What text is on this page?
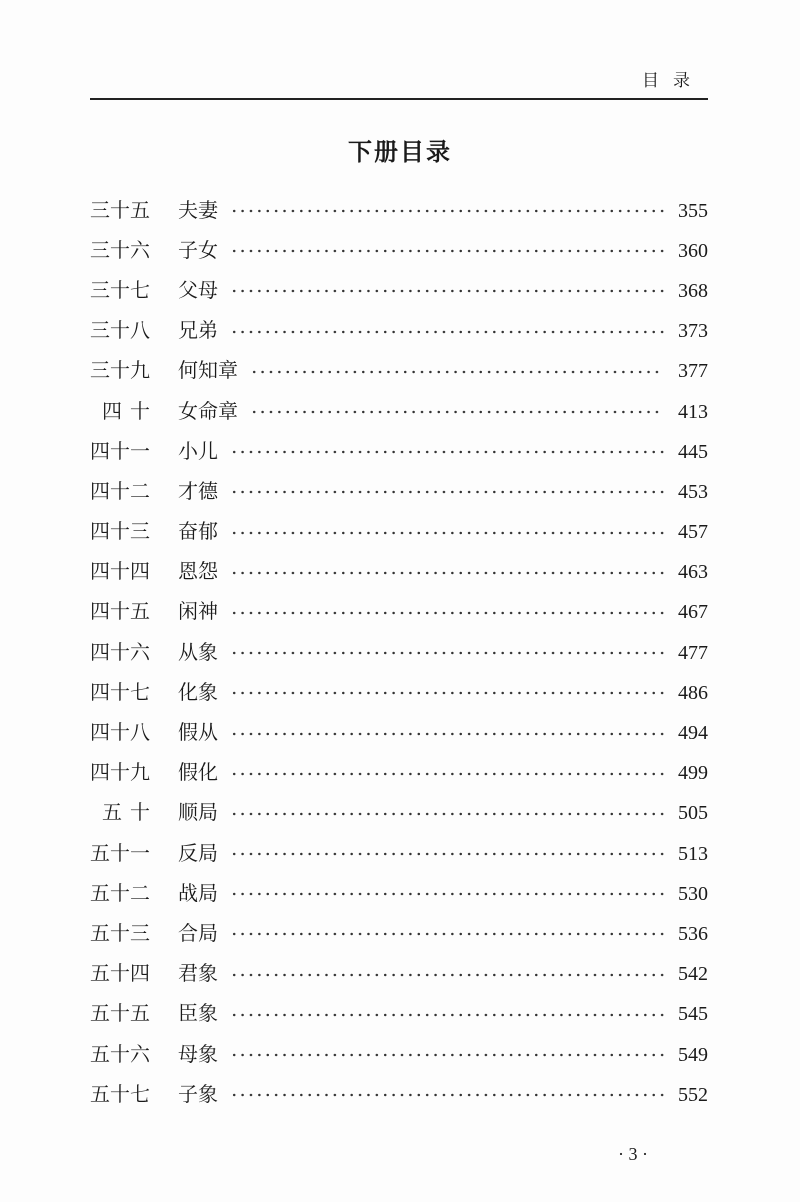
目录
下册目录
三十五 夫妻	355
三十六 子女	360
三十七 父母	368
三十八 兄弟	373
三十九 何知章	377
四十 女命章	413
四十一 小儿	445
四十二 才德	453
四十三 奋郁	457
四十四 恩怨	463
四十五 闲神	467
四十六 从象	477
四十七 化象	486
四十八 假从	494
四十九 假化	499
五十 顺局	505
五十一 反局	513
五十二 战局	530
五十三 合局	536
五十四 君象	542
五十五 臣象	545
五十六 母象	549
五十七 子象	552
· 3 ·
